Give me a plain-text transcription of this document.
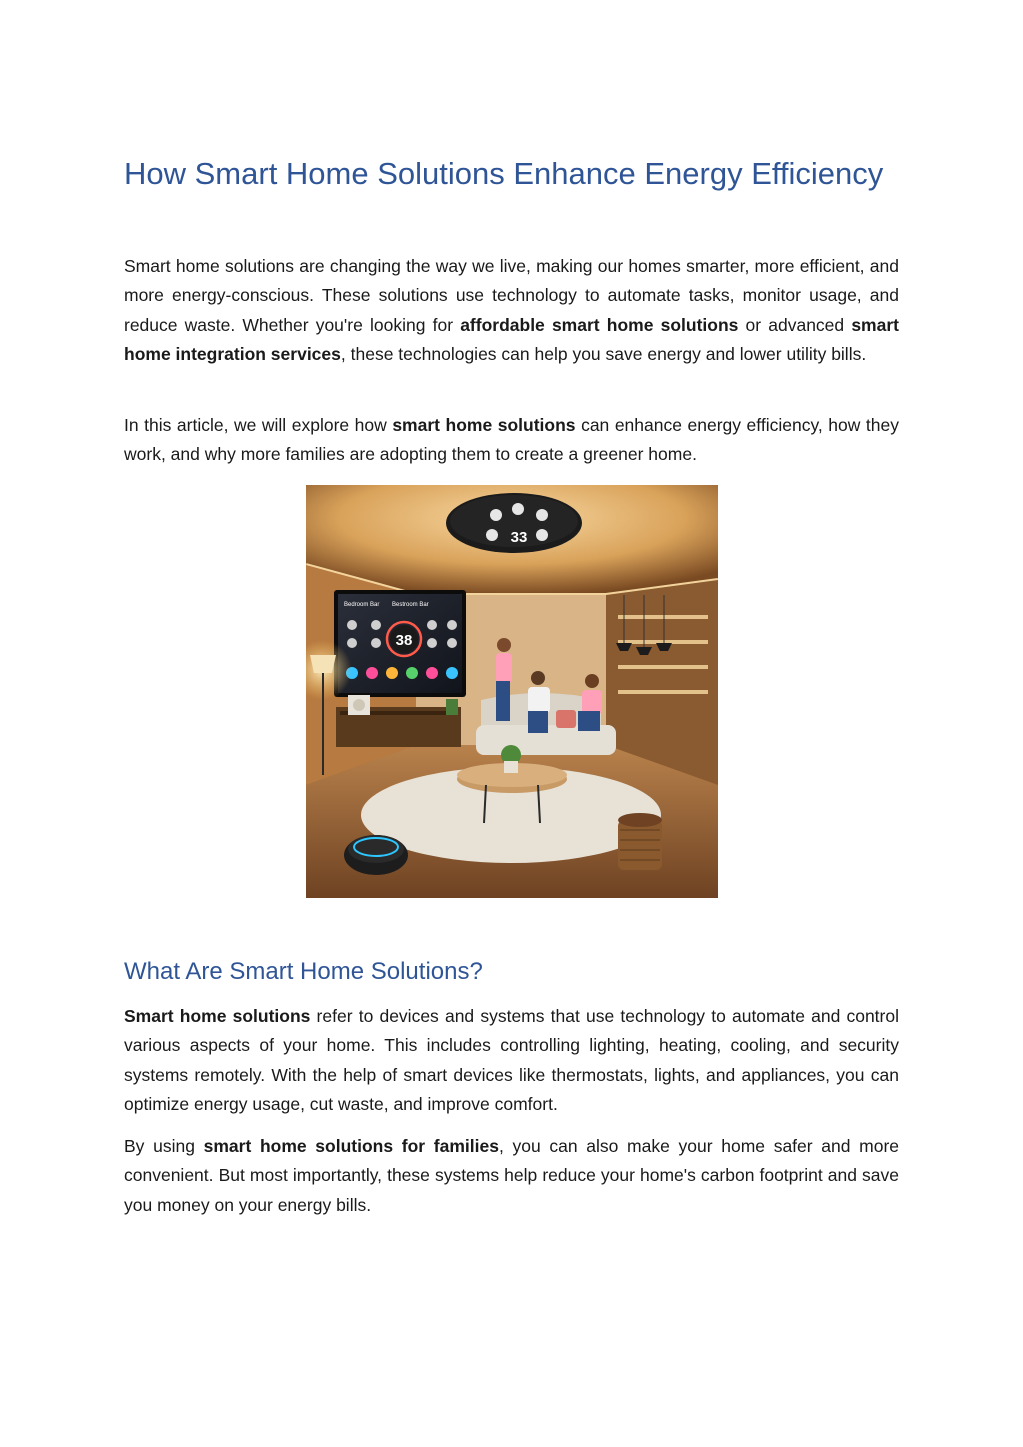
How Smart Home Solutions Enhance Energy Efficiency

Smart home solutions are changing the way we live, making our homes smarter, more efficient, and more energy-conscious. These solutions use technology to automate tasks, monitor usage, and reduce waste. Whether you're looking for affordable smart home solutions or advanced smart home integration services, these technologies can help you save energy and lower utility bills.

In this article, we will explore how smart home solutions can enhance energy efficiency, how they work, and why more families are adopting them to create a greener home.

What Are Smart Home Solutions?

Smart home solutions refer to devices and systems that use technology to automate and control various aspects of your home. This includes controlling lighting, heating, cooling, and security systems remotely. With the help of smart devices like thermostats, lights, and appliances, you can optimize energy usage, cut waste, and improve comfort.

By using smart home solutions for families, you can also make your home safer and more convenient. But most importantly, these systems help reduce your home's carbon footprint and save you money on your energy bills.

33
Bedroom Bar Bestroom Bar
38
